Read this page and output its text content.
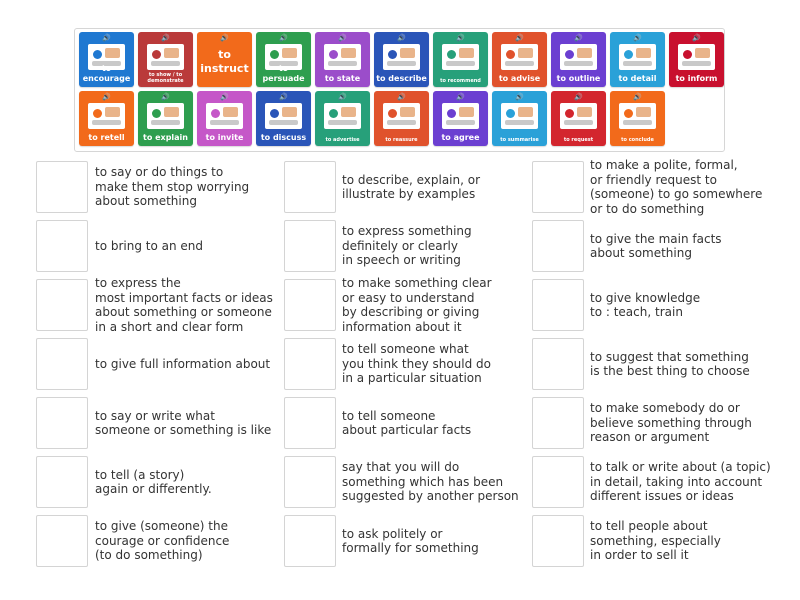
🔊
to encourage
🔊
to show / to demonstrate
🔊
to instruct
🔊
to persuade
🔊
to state
🔊
to describe
🔊
to recommend
🔊
to advise
🔊
to outline
🔊
to detail
🔊
to inform
🔊
to retell
🔊
to explain
🔊
to invite
🔊
to discuss
🔊
to advertise
🔊
to reassure
🔊
to agree
🔊
to summarise
🔊
to request
🔊
to conclude
to say or do things to
make them stop worrying
about something
to bring to an end
to express the
most important facts or ideas
about something or someone
in a short and clear form
to give full information about
to say or write what
someone or something is like
to tell (a story)
again or differently.
to give (someone) the
courage or confidence
(to do something)
to describe, explain, or
illustrate by examples
to express something
definitely or clearly
in speech or writing
to make something clear
or easy to understand
by describing or giving
information about it
to tell someone what
you think they should do
in a particular situation
to tell someone
about particular facts
say that you will do
something which has been
suggested by another person
to ask politely or
formally for something
to make a polite, formal,
or friendly request to
(someone) to go somewhere
or to do something
to give the main facts
about something
to give knowledge
to : teach, train
to suggest that something
is the best thing to choose
to make somebody do or
believe something through
reason or argument
to talk or write about (a topic)
in detail, taking into account
different issues or ideas
to tell people about
something, especially
in order to sell it
